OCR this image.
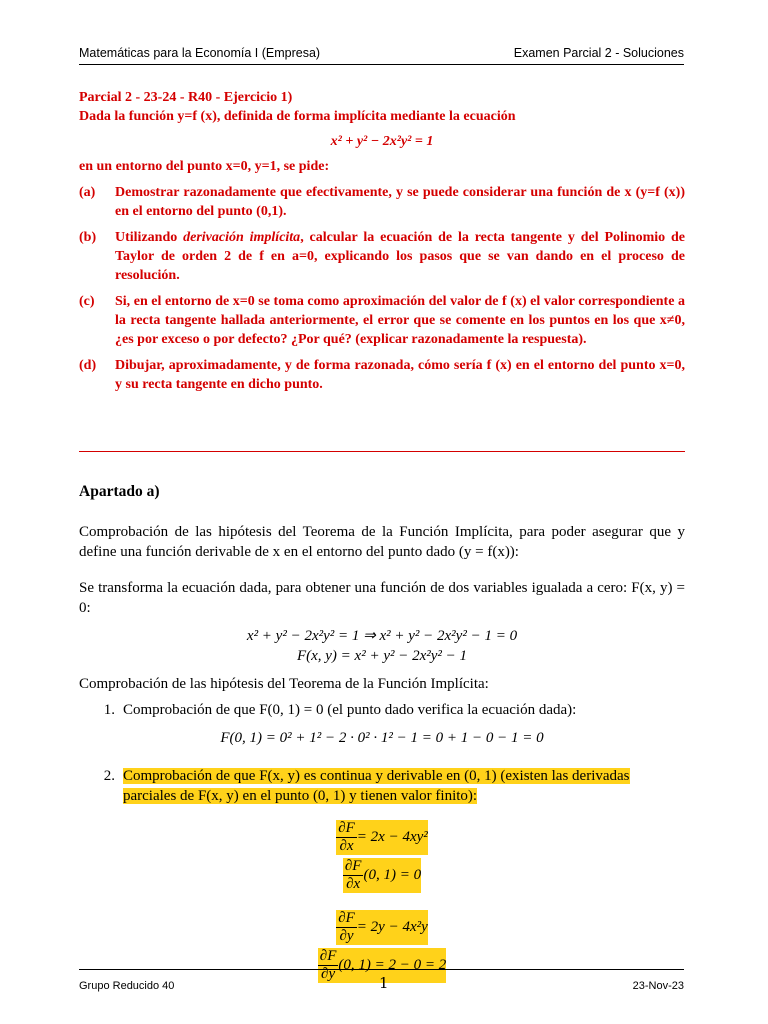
Matemáticas para la Economía I (Empresa)	Examen Parcial 2 - Soluciones
Parcial 2 - 23-24 - R40 - Ejercicio 1)
Dada la función y=f (x), definida de forma implícita mediante la ecuación
x² + y² − 2x²y² = 1
en un entorno del punto x=0, y=1, se pide:
(a)	Demostrar razonadamente que efectivamente, y se puede considerar una función de x (y=f (x)) en el entorno del punto (0,1).
(b)	Utilizando derivación implícita, calcular la ecuación de la recta tangente y del Polinomio de Taylor de orden 2 de f en a=0, explicando los pasos que se van dando en el proceso de resolución.
(c)	Si, en el entorno de x=0 se toma como aproximación del valor de f (x) el valor correspondiente a la recta tangente hallada anteriormente, el error que se comente en los puntos en los que x≠0, ¿es por exceso o por defecto? ¿Por qué? (explicar razonadamente la respuesta).
(d)	Dibujar, aproximadamente, y de forma razonada, cómo sería f (x) en el entorno del punto x=0, y su recta tangente en dicho punto.
Apartado a)

Comprobación de las hipótesis del Teorema de la Función Implícita, para poder asegurar que y define una función derivable de x en el entorno del punto dado (y = f(x)):

Se transforma la ecuación dada, para obtener una función de dos variables igualada a cero: F(x, y) = 0:

x² + y² − 2x²y² = 1 ⇒ x² + y² − 2x²y² − 1 = 0
F(x, y) = x² + y² − 2x²y² − 1

Comprobación de las hipótesis del Teorema de la Función Implícita:

1. Comprobación de que F(0, 1) = 0 (el punto dado verifica la ecuación dada):
F(0, 1) = 0² + 1² − 2 · 0² · 1² − 1 = 0 + 1 − 0 − 1 = 0
2. Comprobación de que F(x, y) es continua y derivable en (0, 1) (existen las derivadas parciales de F(x, y) en el punto (0, 1) y tienen valor finito):
$\frac{\partial F}{\partial x} = 2x - 4xy^2$
$\frac{\partial F}{\partial x} (0$, 1) = 0
$\frac{\partial F}{\partial y} = 2y - 4x^2y$
$\frac{\partial F}{\partial y} (0$, 1) = 2 − 0 = 2
Grupo Reducido 40	1	23-Nov-23
